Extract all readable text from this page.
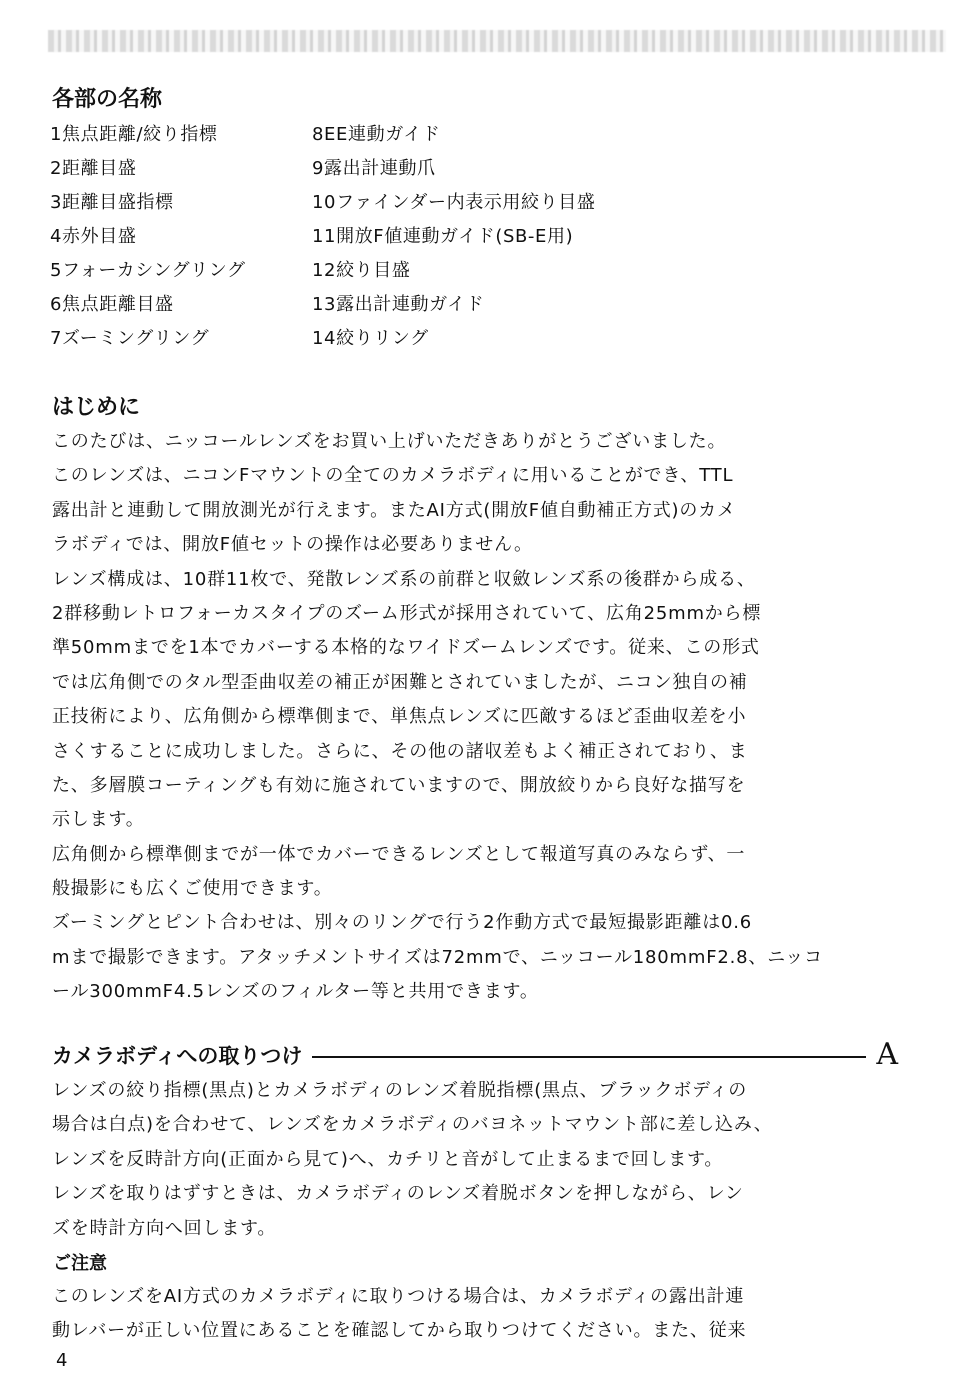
各部の名称
1焦点距離/絞り指標	8EE連動ガイド
2距離目盛	9露出計連動爪
3距離目盛指標	10ファインダー内表示用絞り目盛
4赤外目盛	11開放F値連動ガイド(SB-E用)
5フォーカシングリング	12絞り目盛
6焦点距離目盛	13露出計連動ガイド
7ズーミングリング	14絞りリング
はじめに
このたびは、ニッコールレンズをお買い上げいただきありがとうございました。
このレンズは、ニコンFマウントの全てのカメラボディに用いることができ、TTL
露出計と連動して開放測光が行えます。またAI方式(開放F値自動補正方式)のカメ
ラボディでは、開放F値セットの操作は必要ありません。
レンズ構成は、10群11枚で、発散レンズ系の前群と収斂レンズ系の後群から成る、
2群移動レトロフォーカスタイプのズーム形式が採用されていて、広角25mmから標
準50mmまでを1本でカバーする本格的なワイドズームレンズです。従来、この形式
では広角側でのタル型歪曲収差の補正が困難とされていましたが、ニコン独自の補
正技術により、広角側から標準側まで、単焦点レンズに匹敵するほど歪曲収差を小
さくすることに成功しました。さらに、その他の諸収差もよく補正されており、ま
た、多層膜コーティングも有効に施されていますので、開放絞りから良好な描写を
示します。
広角側から標準側までが一体でカバーできるレンズとして報道写真のみならず、一
般撮影にも広くご使用できます。
ズーミングとピント合わせは、別々のリングで行う2作動方式で最短撮影距離は0.6
mまで撮影できます。アタッチメントサイズは72mmで、ニッコール180mmF2.8、ニッコ
ール300mmF4.5レンズのフィルター等と共用できます。
カメラボディへの取りつけ	A
レンズの絞り指標(黒点)とカメラボディのレンズ着脱指標(黒点、ブラックボディの
場合は白点)を合わせて、レンズをカメラボディのバヨネットマウント部に差し込み、
レンズを反時計方向(正面から見て)へ、カチリと音がして止まるまで回します。
レンズを取りはずすときは、カメラボディのレンズ着脱ボタンを押しながら、レン
ズを時計方向へ回します。
ご注意
このレンズをAI方式のカメラボディに取りつける場合は、カメラボディの露出計連
動レバーが正しい位置にあることを確認してから取りつけてください。また、従来
4
